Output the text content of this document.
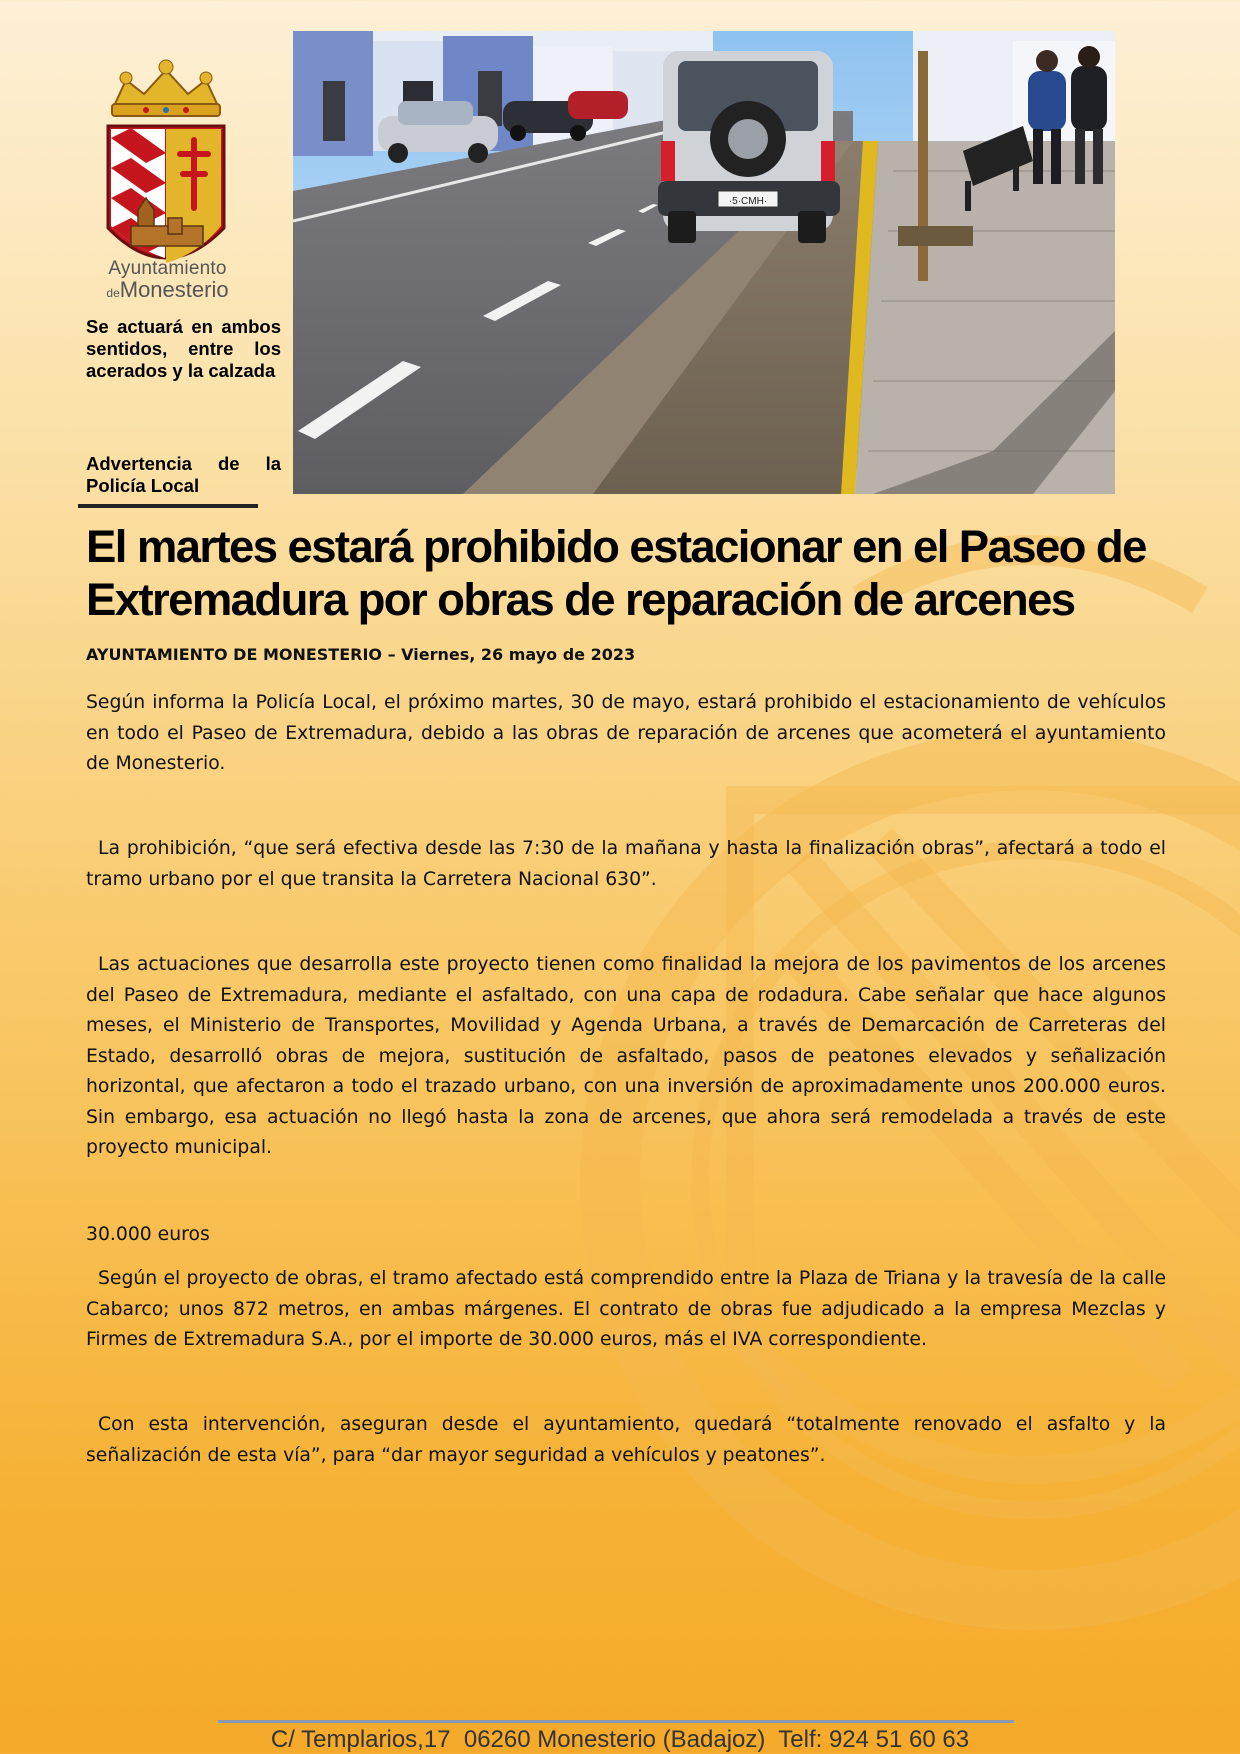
Ayuntamiento
deMonesterio
Se actuará en ambos sentidos, entre los acerados y la calzada
Advertencia de la Policía Local
·5·CMH·
El martes estará prohibido estacionar en el Paseo de Extremadura por obras de reparación de arcenes
AYUNTAMIENTO DE MONESTERIO – Viernes, 26 mayo de 2023

Según informa la Policía Local, el próximo martes, 30 de mayo, estará prohibido el estacionamiento de vehículos en todo el Paseo de Extremadura, debido a las obras de reparación de arcenes que acometerá el ayuntamiento de Monesterio.

La prohibición, “que será efectiva desde las 7:30 de la mañana y hasta la finalización obras”, afectará a todo el tramo urbano por el que transita la Carretera Nacional 630”.

Las actuaciones que desarrolla este proyecto tienen como finalidad la mejora de los pavimentos de los arcenes del Paseo de Extremadura, mediante el asfaltado, con una capa de rodadura. Cabe señalar que hace algunos meses, el Ministerio de Transportes, Movilidad y Agenda Urbana, a través de Demarcación de Carreteras del Estado, desarrolló obras de mejora, sustitución de asfaltado, pasos de peatones elevados y señalización horizontal, que afectaron a todo el trazado urbano, con una inversión de aproximadamente unos 200.000 euros. Sin embargo, esa actuación no llegó hasta la zona de arcenes, que ahora será remodelada a través de este proyecto municipal.

30.000 euros

Según el proyecto de obras, el tramo afectado está comprendido entre la Plaza de Triana y la travesía de la calle Cabarco; unos 872 metros, en ambas márgenes. El contrato de obras fue adjudicado a la empresa Mezclas y Firmes de Extremadura S.A., por el importe de 30.000 euros, más el IVA correspondiente.

Con esta intervención, aseguran desde el ayuntamiento, quedará “totalmente renovado el asfalto y la señalización de esta vía”, para “dar mayor seguridad a vehículos y peatones”.

C/ Templarios,17  06260 Monesterio (Badajoz)  Telf: 924 51 60 63
